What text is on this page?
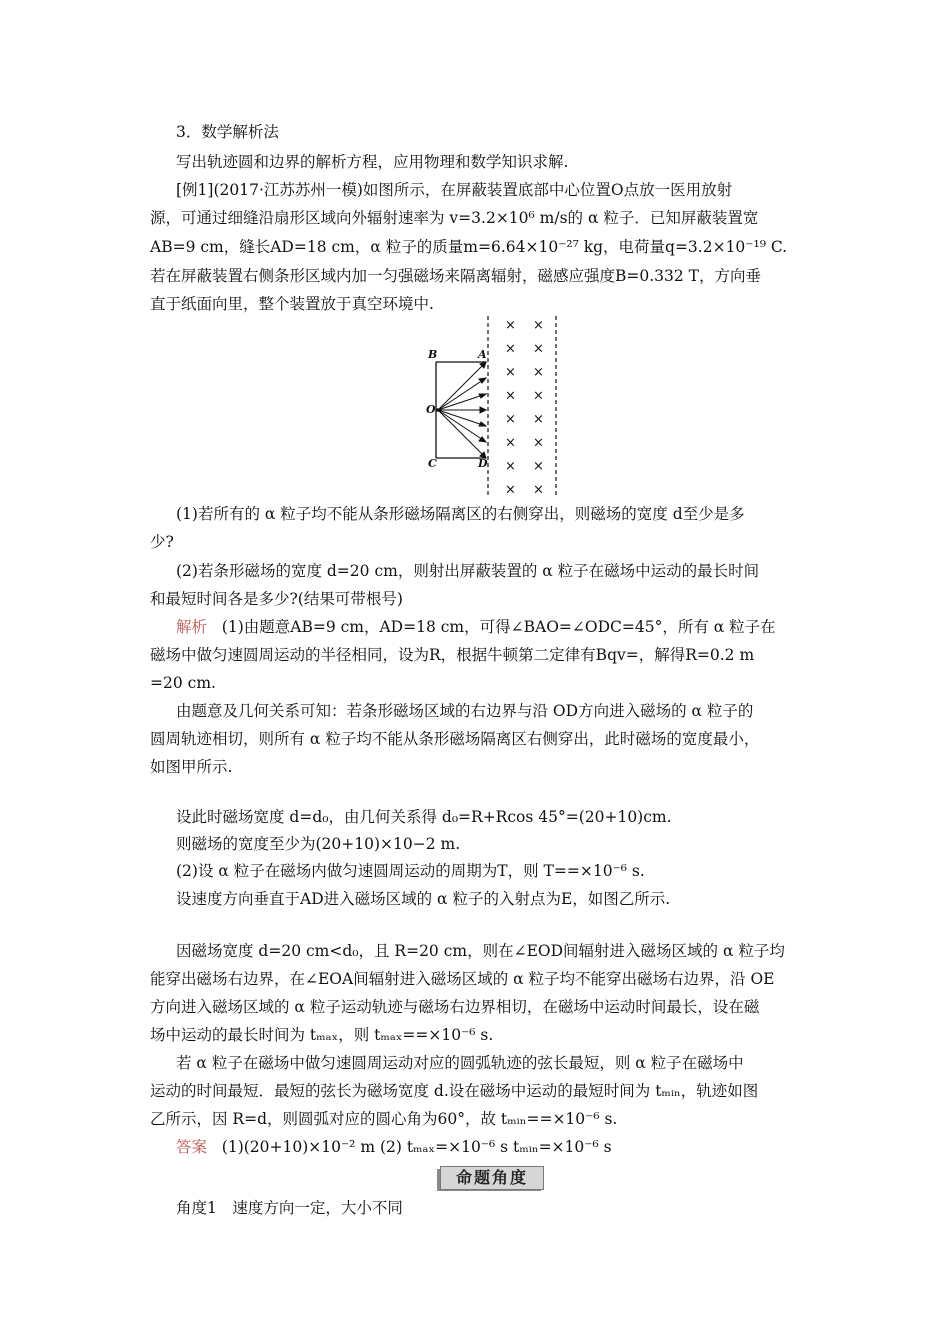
3．数学解析法
写出轨迹圆和边界的解析方程，应用物理和数学知识求解.
[例1](2017·江苏苏州一模)如图所示，在屏蔽装置底部中心位置O点放一医用放射
源，可通过细缝沿扇形区域向外辐射速率为 v=3.2×10⁶ m/s的 α 粒子．已知屏蔽装置宽
AB=9 cm，缝长AD=18 cm，α 粒子的质量m=6.64×10⁻²⁷ kg，电荷量q=3.2×10⁻¹⁹ C.
若在屏蔽装置右侧条形区域内加一匀强磁场来隔离辐射，磁感应强度B=0.332 T，方向垂
直于纸面向里，整个装置放于真空环境中.
B	A
O
C	D
× ×
× ×
× ×
× ×
× ×
× ×
× ×
× ×
(1)若所有的 α 粒子均不能从条形磁场隔离区的右侧穿出，则磁场的宽度 d至少是多
少?
(2)若条形磁场的宽度 d=20 cm，则射出屏蔽装置的 α 粒子在磁场中运动的最长时间
和最短时间各是多少?(结果可带根号)
解析 (1)由题意AB=9 cm，AD=18 cm，可得∠BAO=∠ODC=45°，所有 α 粒子在
磁场中做匀速圆周运动的半径相同，设为R，根据牛顿第二定律有Bqv=，解得R=0.2 m
=20 cm.
由题意及几何关系可知：若条形磁场区域的右边界与沿 OD方向进入磁场的 α 粒子的
圆周轨迹相切，则所有 α 粒子均不能从条形磁场隔离区右侧穿出，此时磁场的宽度最小，
如图甲所示.
设此时磁场宽度 d=d₀，由几何关系得 d₀=R+Rcos 45°=(20+10)cm.
则磁场的宽度至少为(20+10)×10−2 m.
(2)设 α 粒子在磁场内做匀速圆周运动的周期为T，则 T==×10⁻⁶ s.
设速度方向垂直于AD进入磁场区域的 α 粒子的入射点为E，如图乙所示.
因磁场宽度 d=20 cm<d₀，且 R=20 cm，则在∠EOD间辐射进入磁场区域的 α 粒子均
能穿出磁场右边界，在∠EOA间辐射进入磁场区域的 α 粒子均不能穿出磁场右边界，沿 OE
方向进入磁场区域的 α 粒子运动轨迹与磁场右边界相切，在磁场中运动时间最长，设在磁
场中运动的最长时间为 tₘₐₓ，则 tₘₐₓ==×10⁻⁶ s.
若 α 粒子在磁场中做匀速圆周运动对应的圆弧轨迹的弦长最短，则 α 粒子在磁场中
运动的时间最短．最短的弦长为磁场宽度 d.设在磁场中运动的最短时间为 tₘᵢₙ，轨迹如图
乙所示，因 R=d，则圆弧对应的圆心角为60°，故 tₘᵢₙ==×10⁻⁶ s.
答案 (1)(20+10)×10⁻² m (2) tₘₐₓ=×10⁻⁶ s tₘᵢₙ=×10⁻⁶ s
命题角度
角度1　速度方向一定，大小不同
